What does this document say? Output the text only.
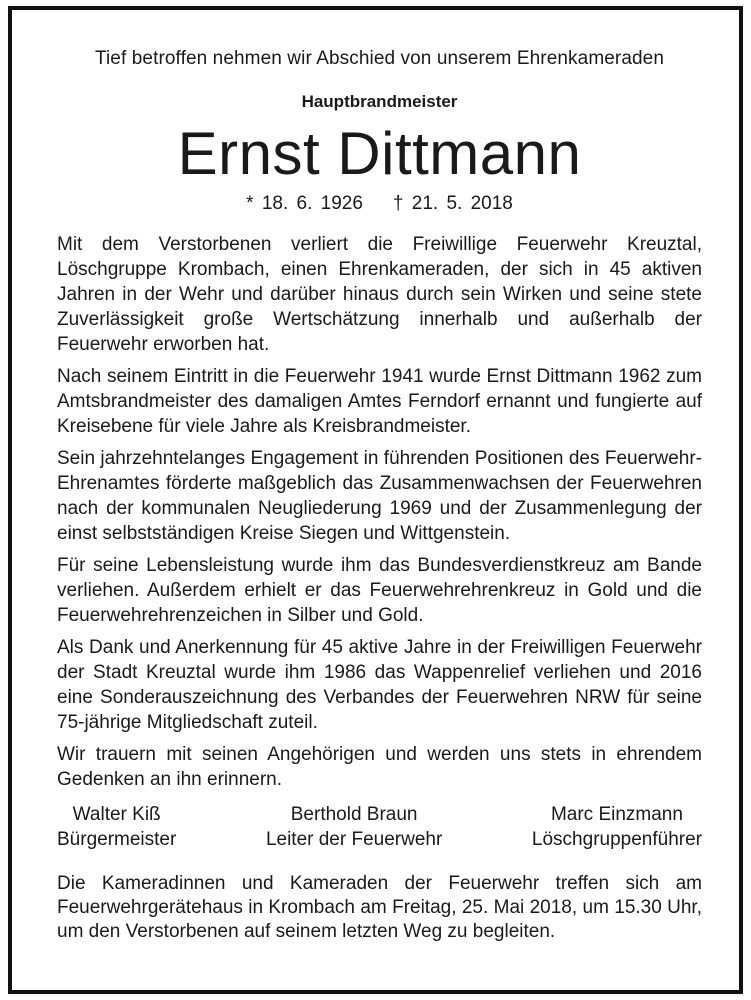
Tief betroffen nehmen wir Abschied von unserem Ehrenkameraden
Hauptbrandmeister
Ernst Dittmann
* 18. 6. 1926 † 21. 5. 2018

Mit dem Verstorbenen verliert die Freiwillige Feuerwehr Kreuztal, Löschgruppe Krombach, einen Ehrenkameraden, der sich in 45 aktiven Jahren in der Wehr und darüber hinaus durch sein Wirken und seine stete Zuverlässigkeit große Wertschätzung innerhalb und außerhalb der Feuerwehr erworben hat.

Nach seinem Eintritt in die Feuerwehr 1941 wurde Ernst Dittmann 1962 zum Amtsbrandmeister des damaligen Amtes Ferndorf ernannt und fungierte auf Kreisebene für viele Jahre als Kreisbrandmeister.

Sein jahrzehntelanges Engagement in führenden Positionen des Feuerwehr-Ehrenamtes förderte maßgeblich das Zusammenwachsen der Feuerwehren nach der kommunalen Neugliederung 1969 und der Zusammenlegung der einst selbstständigen Kreise Siegen und Wittgenstein.

Für seine Lebensleistung wurde ihm das Bundesverdienstkreuz am Bande verliehen. Außerdem erhielt er das Feuerwehrehrenkreuz in Gold und die Feuerwehrehrenzeichen in Silber und Gold.

Als Dank und Anerkennung für 45 aktive Jahre in der Freiwilligen Feuerwehr der Stadt Kreuztal wurde ihm 1986 das Wappenrelief verliehen und 2016 eine Sonderauszeichnung des Verbandes der Feuerwehren NRW für seine 75-jährige Mitgliedschaft zuteil.

Wir trauern mit seinen Angehörigen und werden uns stets in ehrendem Gedenken an ihn erinnern.

Walter Kiß
Bürgermeister
Berthold Braun
Leiter der Feuerwehr
Marc Einzmann
Löschgruppenführer
Die Kameradinnen und Kameraden der Feuerwehr treffen sich am Feuerwehrgerätehaus in Krombach am Freitag, 25. Mai 2018, um 15.30 Uhr, um den Verstorbenen auf seinem letzten Weg zu begleiten.
